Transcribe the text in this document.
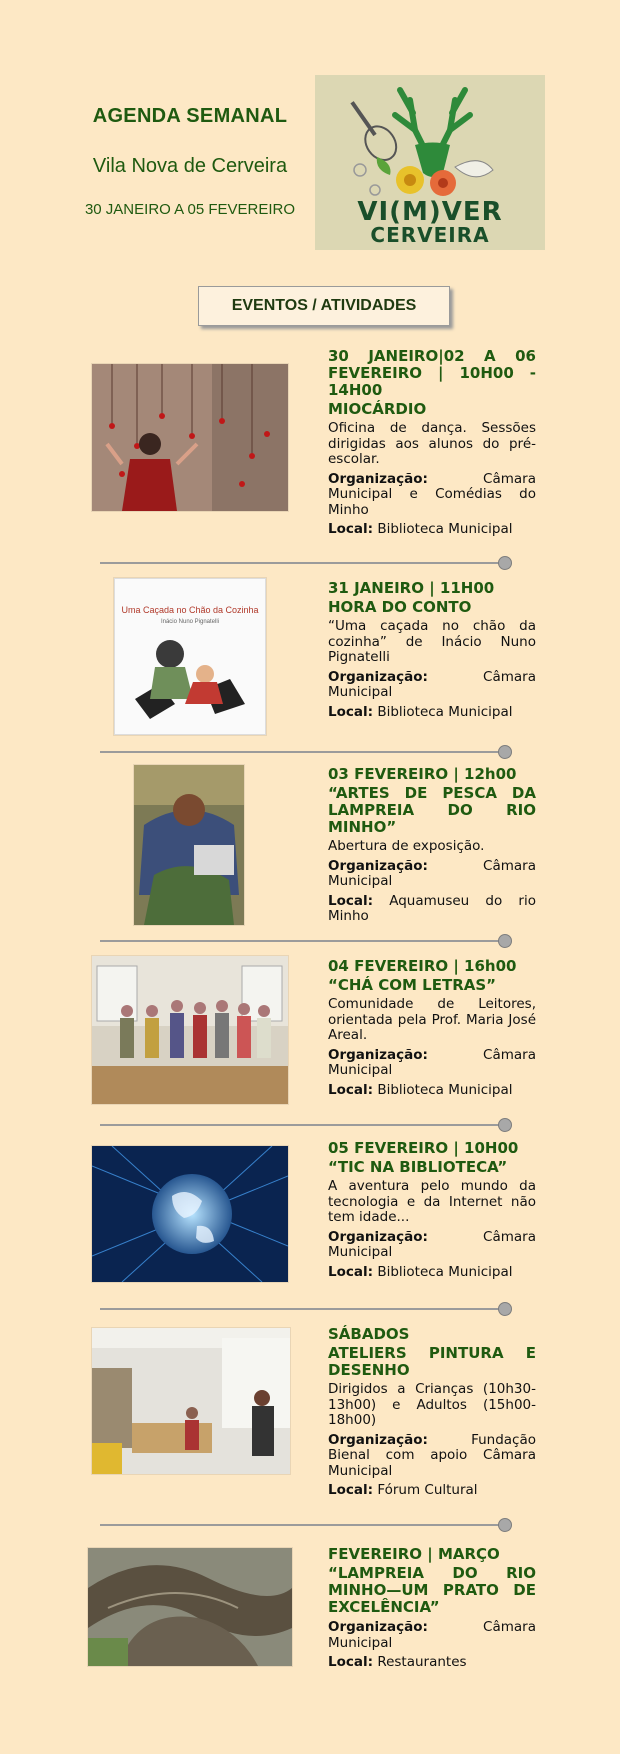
AGENDA SEMANAL
Vila Nova de Cerveira
30 JANEIRO A 05 FEVEREIRO	VI(M)VER
CERVEIRA
EVENTOS / ATIVIDADES
30 JANEIRO|02 A 06 FEVEREIRO | 10H00 - 14H00
MIOCÁRDIO
Oficina de dança. Sessões dirigidas aos alunos do pré-escolar.
Organização:	Câmara Municipal e Comédias do Minho
Local: Biblioteca Municipal
Uma Caçada no Chão da Cozinha
Inácio Nuno Pignatelli
31 JANEIRO | 11H00
HORA DO CONTO
“Uma caçada no chão da cozinha” de Inácio Nuno Pignatelli
Organização:	Câmara Municipal
Local: Biblioteca Municipal
03 FEVEREIRO | 12h00
“ARTES DE PESCA DA LAMPREIA DO RIO MINHO”
Abertura de exposição.
Organização:	Câmara Municipal
Local: Aquamuseu do rio Minho
04 FEVEREIRO | 16h00
“CHÁ COM LETRAS”
Comunidade de Leitores, orientada pela Prof. Maria José Areal.
Organização:	Câmara Municipal
Local: Biblioteca Municipal
05 FEVEREIRO | 10H00
“TIC NA BIBLIOTECA”
A aventura pelo mundo da tecnologia e da Internet não tem idade...
Organização:	Câmara Municipal
Local: Biblioteca Municipal
SÁBADOS
ATELIERS PINTURA E DESENHO
Dirigidos a Crianças (10h30-13h00) e Adultos (15h00-18h00)
Organização:	Fundação Bienal com apoio Câmara Municipal
Local: Fórum Cultural
FEVEREIRO | MARÇO
“LAMPREIA DO RIO MINHO—UM PRATO DE EXCELÊNCIA”
Organização:	Câmara Municipal
Local: Restaurantes
